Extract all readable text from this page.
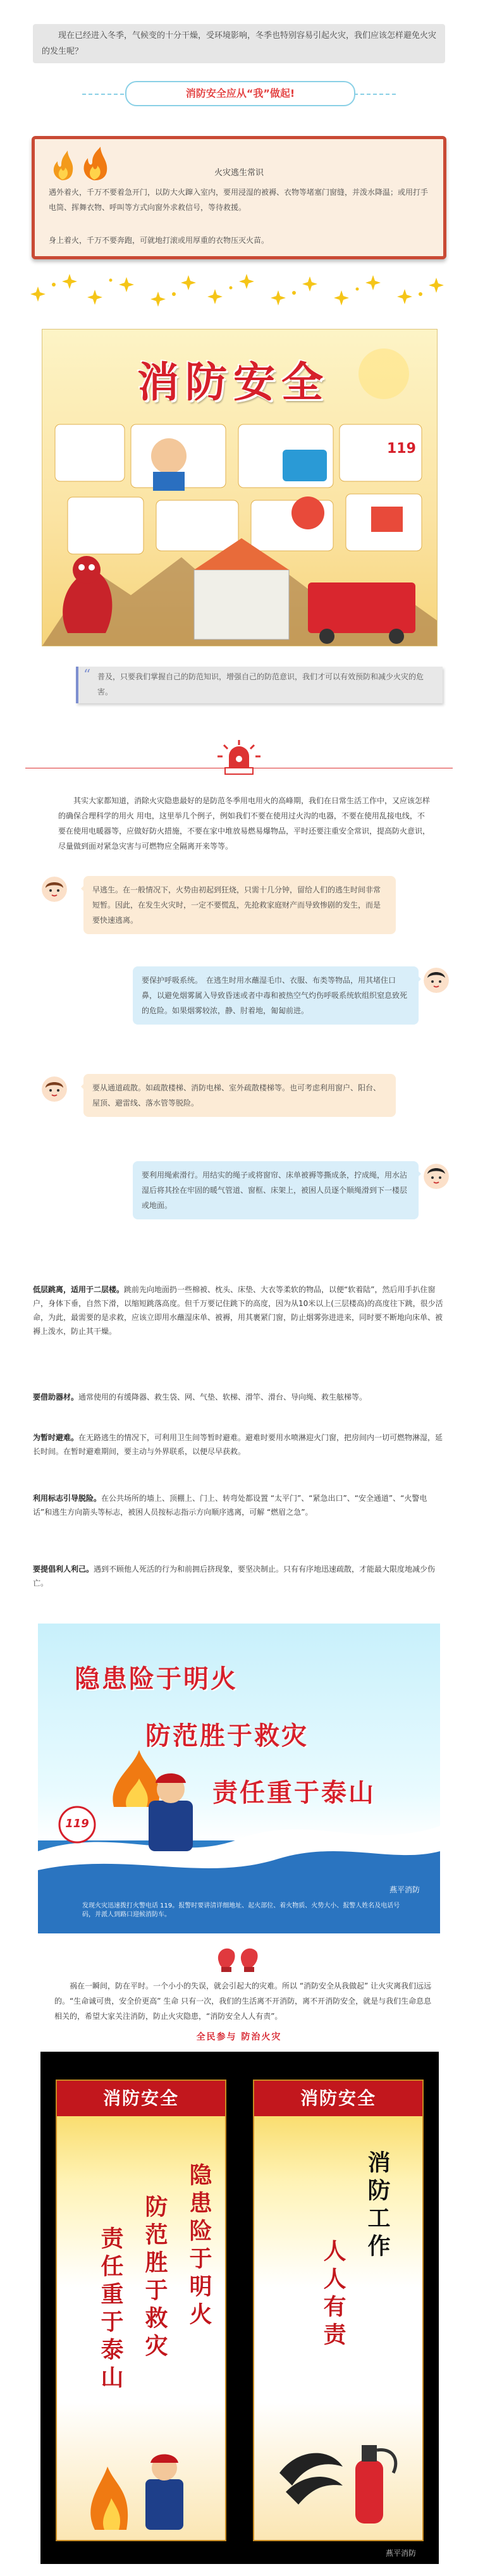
现在已经进入冬季，气候变的十分干燥，受环境影响，冬季也特别容易引起火灾，我们应该怎样避免火灾的发生呢？

消防安全应从“我”做起!
火灾逃生常识

遇外着火，千万不要着急开门，以防大火蹿入室内，要用浸湿的被褥、衣物等堵塞门窗缝，并泼水降温；或用打手电筒、挥舞衣物、呼叫等方式向窗外求救信号，等待救援。

身上着火，千万不要奔跑，可就地打滚或用厚重的衣物压灭火苗。

119
消防安全
“ 普及，只要我们掌握自己的防范知识，增强自己的防范意识，我们才可以有效预防和减少火灾的危害。

其实大家都知道，消除火灾隐患最好的是防范冬季用电用火的高峰期，我们在日常生活工作中，又应该怎样的确保合理科学的用火 用电，这里举几个例子，例如我们不要在使用过火沟的电器，不要在使用乱接电线，不要在使用电暖器等，应做好防火措施，不要在家中堆放易燃易爆物品，平时还要注重安全常识，提高防火意识，尽量做到面对紧急灾害与可燃物应全隔离开来等等。

早逃生。在一般情况下，火势由初起到狂烧，只需十几分钟，留给人们的逃生时间非常短暂。因此，在发生火灾时，一定不要慌乱，先抢救家庭财产而导致惨剧的发生，而是要快速逃离。

要保护呼吸系统。　在逃生时用水蘸湿毛巾、衣服、布类等物品，用其堵住口鼻，以避免烟雾属入导致昏迷或者中毒和被热空气灼伤呼吸系统软组织窒息致死的危险。如果烟雾较浓，静、肘着地，匍匐前进。

要从通道疏散。如疏散楼梯、消防电梯、室外疏散楼梯等。也可考虑利用窗户、阳台、屋顶、避雷线、落水管等脱险。

要利用绳索滑行。用结实的绳子或将窗帘、床单被褥等撕成条，拧成绳，用水沾湿后将其拴在牢固的暖气管道、窗框、床架上，被困人员逐个顺绳滑到下一楼层或地面。

低层跳离，适用于二层楼。跳前先向地面扔一些棉被、枕头、床垫、大衣等柔软的物品，以便“软着陆”，然后用手扒住窗户，身体下垂，自然下滑，以缩短跳落高度。但千万要记住跳下的高度，因为从10米以上(三层楼高)的高度往下跳，很少活命，为此，最需要的是求救，应该立即用水蘸湿床单、被褥，用其裹紧门窗，防止烟雾弥进进来，同时要不断地向床单、被褥上泼水，防止其干燥。

要借助器材。通常使用的有缓降器、救生袋、网、气垫、软梯、滑竿、滑台、导向绳、救生舷梯等。

为暂时避难。在无路逃生的情况下，可利用卫生间等暂时避难。避难时要用水喷淋迎火门窗，把房间内一切可燃物淋湿，延长时间。在暂时避难期间，要主动与外界联系，以便尽早获救。

利用标志引导脱险。在公共场所的墙上、顶棚上、门上、转弯处都设置 “太平门”、“紧急出口”、“安全通道”、“火警电话”和逃生方向箭头等标志，被困人员按标志指示方向顺序逃离，可解 “燃眉之急”。

要提倡利人利己。遇到不顾他人死活的行为和前拥后挤现象，要坚决制止。只有有序地迅速疏散，才能最大限度地减少伤亡。

隐患险于明火
防范胜于救灾
责任重于泰山
119

发现火灾迅速拨打火警电话 119。报警时要讲清详细地址、起火部位、着火物质、火势大小、报警人姓名及电话号码，并派人到路口迎候消防车。

燕平消防

祸在一瞬间，防在平时。一个小小的失误，就会引起大的灾难。所以 “消防安全从我做起” 让火灾离我们远远的。“生命诚可贵，安全价更高” 生命 只有一次，我们的生活离不开消防，离不开消防安全，就是与我们生命息息相关的，希望大家关注消防，防止火灾隐患，“消防安全人人有责”。

全民参与 防治火灾
消防安全
隐患险于明火
防范胜于救灾
责任重于泰山
消防安全
消防工作
人人有责
燕平消防
